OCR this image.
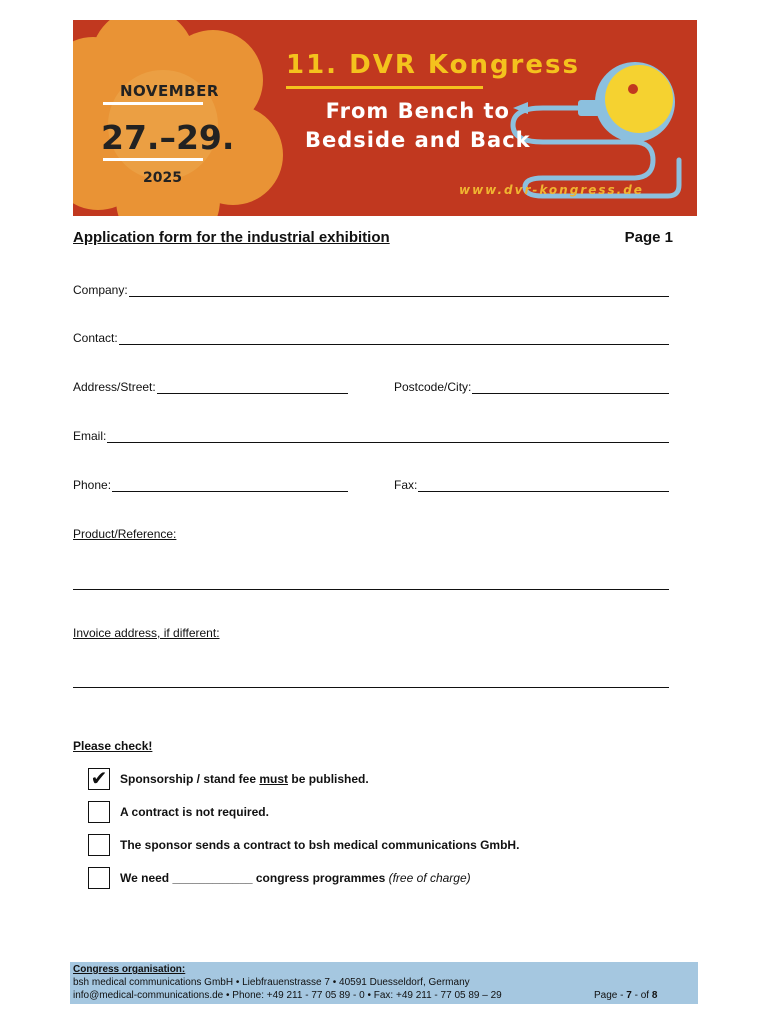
NOVEMBER
27.–29.
2025
11. DVR Kongress
From Bench to
Bedside and Back
www.dvr-kongress.de
Application form for the industrial exhibition	Page 1
Company:
Contact:
Address/Street:	Postcode/City:
Email:
Phone:	Fax:
Product/Reference:
Invoice address, if different:
Please check!
✔ Sponsorship / stand fee must be published.
A contract is not required.
The sponsor sends a contract to bsh medical communications GmbH.
We need ____________ congress programmes (free of charge)
Congress organisation:
bsh medical communications GmbH • Liebfrauenstrasse 7 • 40591 Duesseldorf, Germany
info@medical-communications.de • Phone: +49 211 - 77 05 89 - 0 • Fax: +49 211 - 77 05 89 – 29	Page - 7 - of 8
